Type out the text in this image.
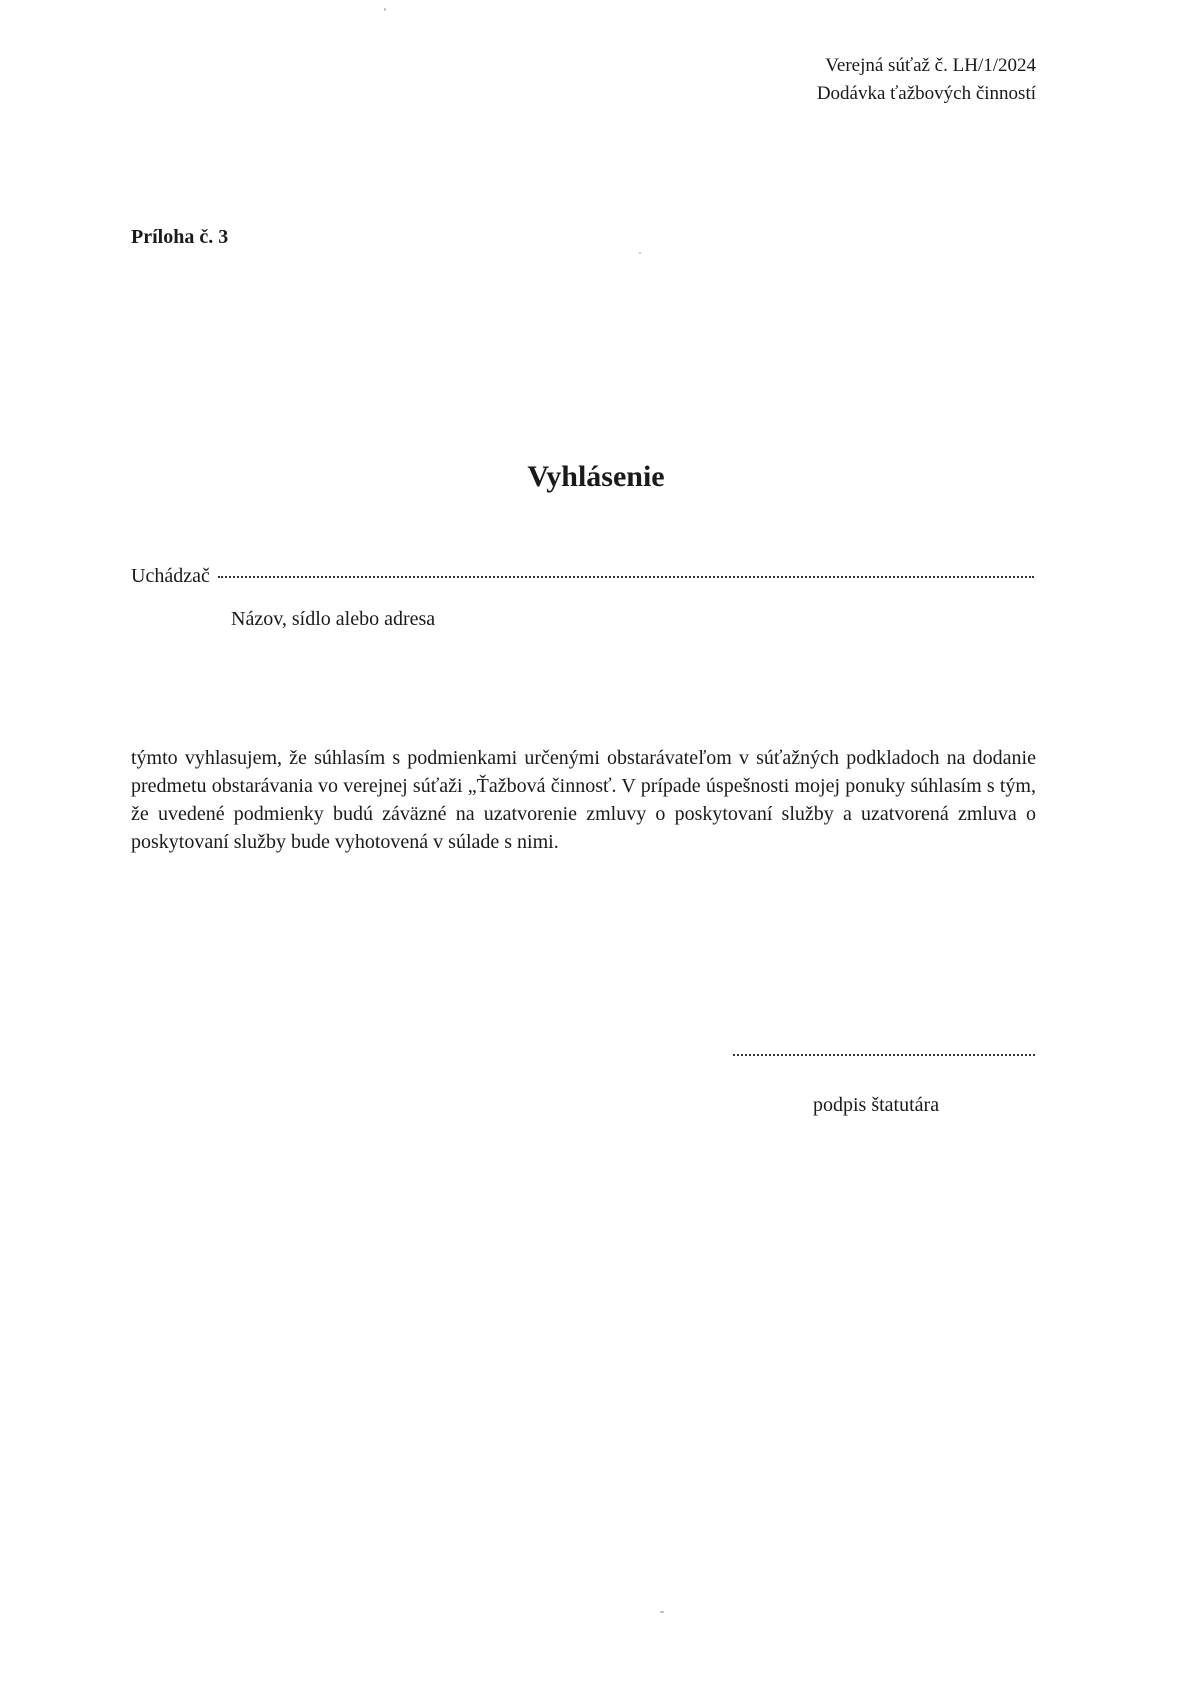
Verejná súťaž č. LH/1/2024
Dodávka ťažbových činností
Príloha č. 3
Vyhlásenie
Uchádzač
Názov, sídlo alebo adresa
týmto vyhlasujem, že súhlasím s podmienkami určenými obstarávateľom v súťažných podkladoch na dodanie predmetu obstarávania vo verejnej súťaži „Ťažbová činnosť. V prípade úspešnosti mojej ponuky súhlasím s tým, že uvedené podmienky budú záväzné na uzatvorenie zmluvy o poskytovaní služby a uzatvorená zmluva o poskytovaní služby bude vyhotovená v súlade s nimi.
podpis štatutára
